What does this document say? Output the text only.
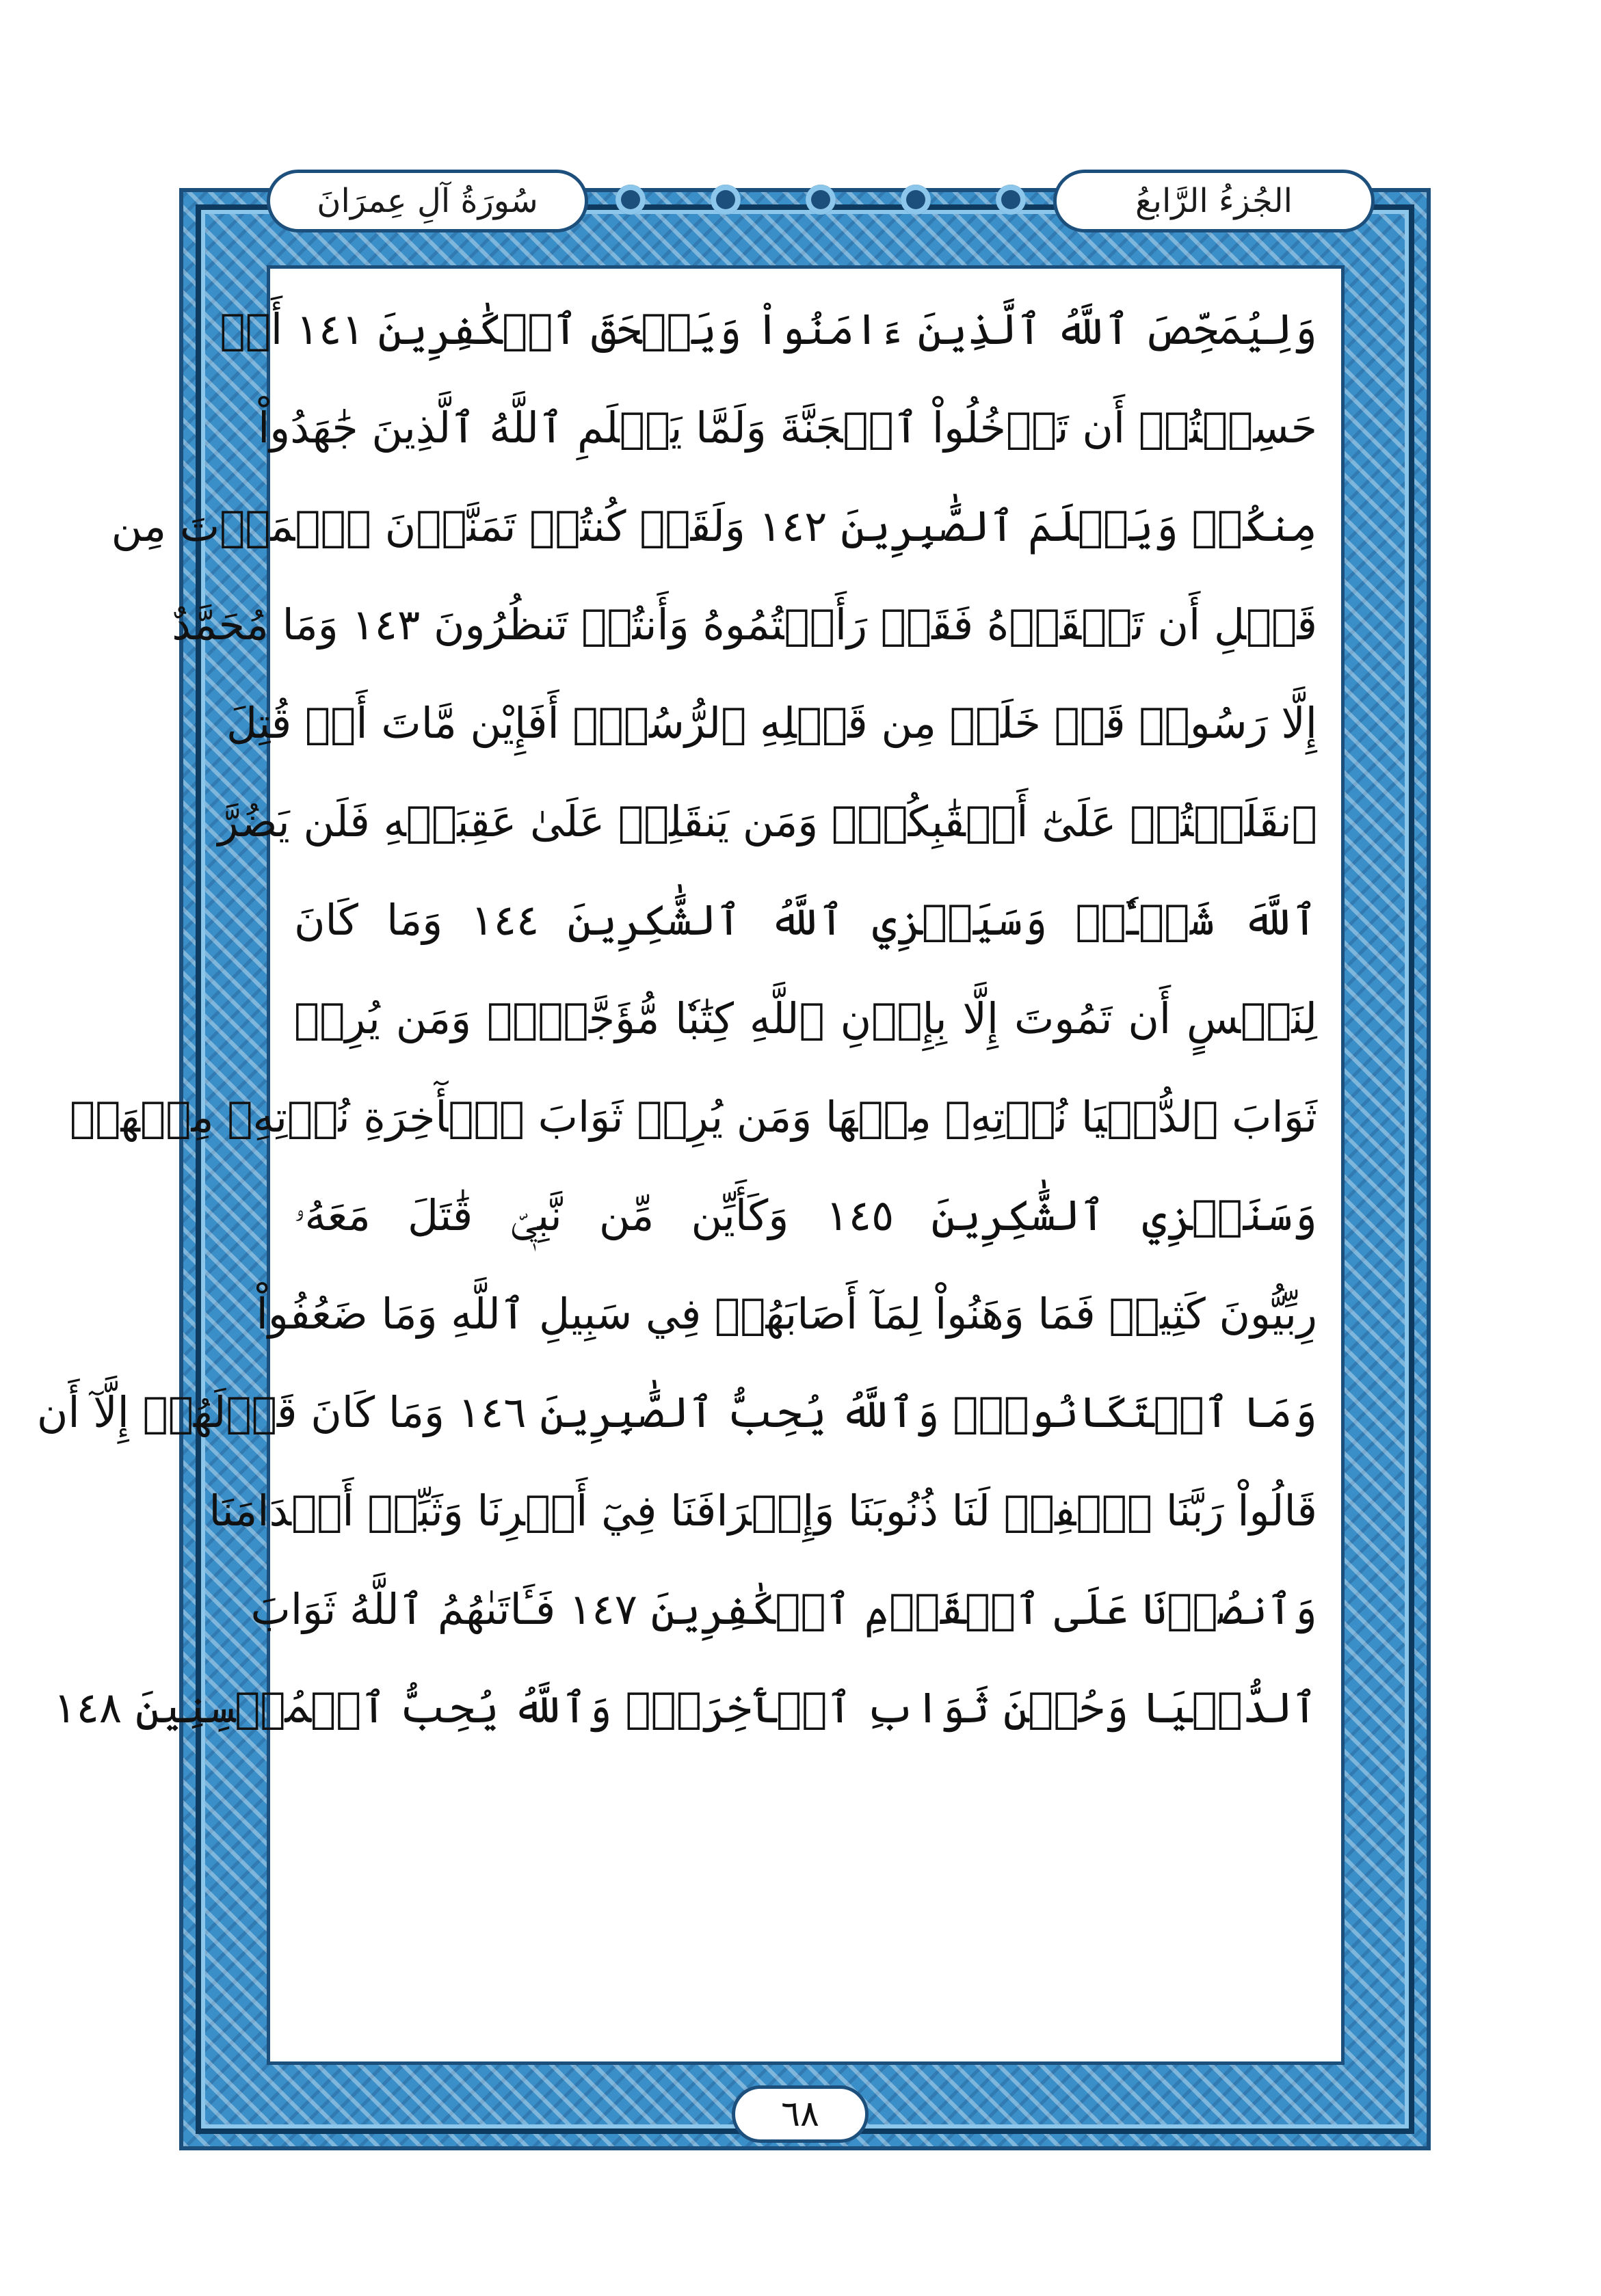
الجُزءُ الرَّابعُ
سُورَةُ آلِ عِمرَانَ
وَلِيُمَحِّصَ ٱللَّهُ ٱلَّذِينَ ءَامَنُواْ وَيَمۡحَقَ ٱلۡكَٰفِرِينَ ١٤١ أَمۡ
حَسِبۡتُمۡ أَن تَدۡخُلُواْ ٱلۡجَنَّةَ وَلَمَّا يَعۡلَمِ ٱللَّهُ ٱلَّذِينَ جَٰهَدُواْ
مِنكُمۡ وَيَعۡلَمَ ٱلصَّٰبِرِينَ ١٤٢ وَلَقَدۡ كُنتُمۡ تَمَنَّوۡنَ ٱلۡمَوۡتَ مِن
قَبۡلِ أَن تَلۡقَوۡهُ فَقَدۡ رَأَيۡتُمُوهُ وَأَنتُمۡ تَنظُرُونَ ١٤٣ وَمَا مُحَمَّدٌ
إِلَّا رَسُولٞ قَدۡ خَلَتۡ مِن قَبۡلِهِ ٱلرُّسُلُۚ أَفَإِيْن مَّاتَ أَوۡ قُتِلَ
ٱنقَلَبۡتُمۡ عَلَىٰٓ أَعۡقَٰبِكُمۡۚ وَمَن يَنقَلِبۡ عَلَىٰ عَقِبَيۡهِ فَلَن يَضُرَّ
ٱللَّهَ شَيۡـٔٗاۗ وَسَيَجۡزِي ٱللَّهُ ٱلشَّٰكِرِينَ ١٤٤ وَمَا كَانَ
لِنَفۡسٍ أَن تَمُوتَ إِلَّا بِإِذۡنِ ٱللَّهِ كِتَٰبٗا مُّؤَجَّلٗاۗ وَمَن يُرِدۡ
ثَوَابَ ٱلدُّنۡيَا نُؤۡتِهِۦ مِنۡهَا وَمَن يُرِدۡ ثَوَابَ ٱلۡأٓخِرَةِ نُؤۡتِهِۦ مِنۡهَاۚ
وَسَنَجۡزِي ٱلشَّٰكِرِينَ ١٤٥ وَكَأَيِّن مِّن نَّبِيّٖ قَٰتَلَ مَعَهُۥ
رِبِّيُّونَ كَثِيرٞ فَمَا وَهَنُواْ لِمَآ أَصَابَهُمۡ فِي سَبِيلِ ٱللَّهِ وَمَا ضَعُفُواْ
وَمَا ٱسۡتَكَانُواْۗ وَٱللَّهُ يُحِبُّ ٱلصَّٰبِرِينَ ١٤٦ وَمَا كَانَ قَوۡلَهُمۡ إِلَّآ أَن
قَالُواْ رَبَّنَا ٱغۡفِرۡ لَنَا ذُنُوبَنَا وَإِسۡرَافَنَا فِيٓ أَمۡرِنَا وَثَبِّتۡ أَقۡدَامَنَا
وَٱنصُرۡنَا عَلَى ٱلۡقَوۡمِ ٱلۡكَٰفِرِينَ ١٤٧ فَـَٔاتَىٰهُمُ ٱللَّهُ ثَوَابَ
ٱلدُّنۡيَا وَحُسۡنَ ثَوَابِ ٱلۡأٓخِرَةِۗ وَٱللَّهُ يُحِبُّ ٱلۡمُحۡسِنِينَ ١٤٨
٦٨
